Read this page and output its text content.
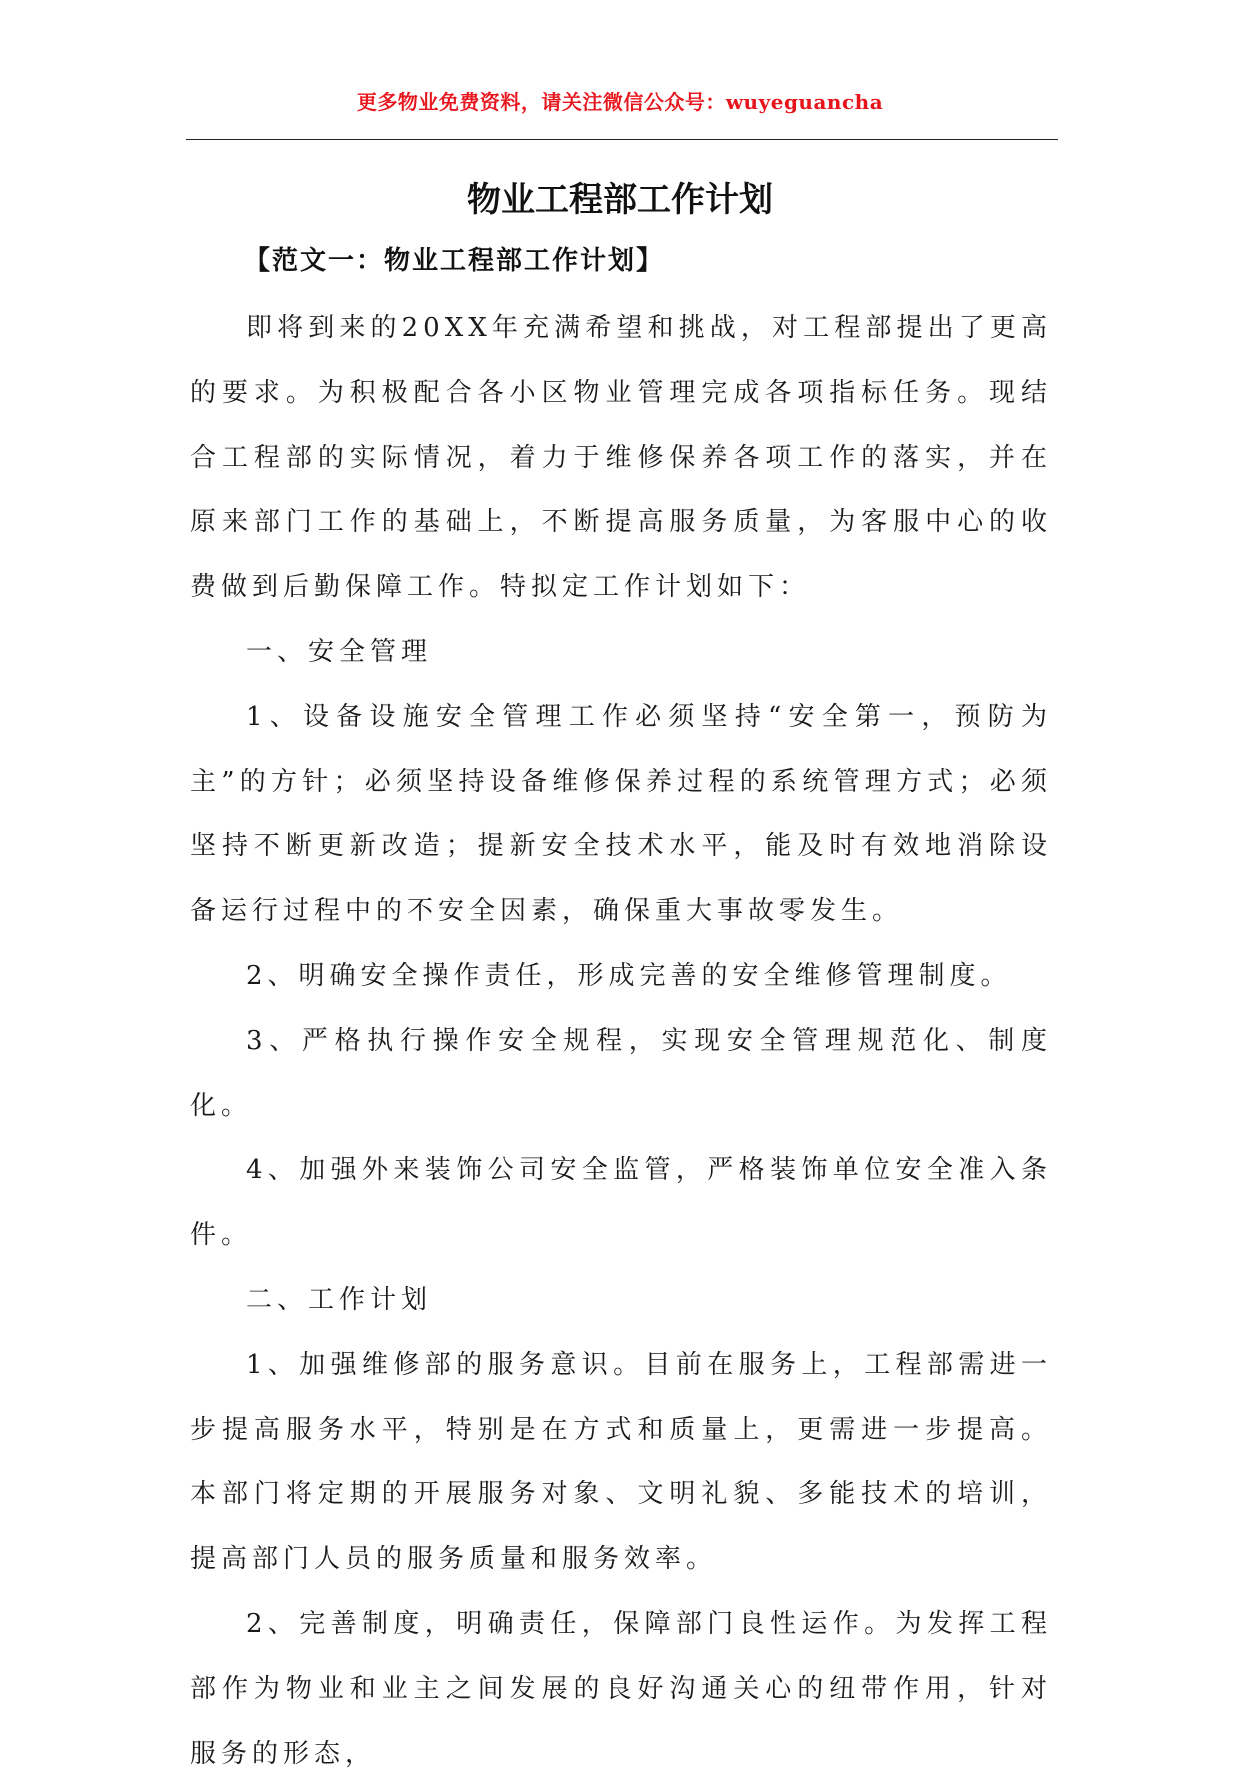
更多物业免费资料，请关注微信公众号：wuyeguancha
物业工程部工作计划
【范文一：物业工程部工作计划】

即将到来的20XX年充满希望和挑战，对工程部提出了更高的要求。为积极配合各小区物业管理完成各项指标任务。现结合工程部的实际情况，着力于维修保养各项工作的落实，并在原来部门工作的基础上，不断提高服务质量，为客服中心的收费做到后勤保障工作。特拟定工作计划如下：

一、安全管理

1、设备设施安全管理工作必须坚持“安全第一，预防为主”的方针；必须坚持设备维修保养过程的系统管理方式；必须坚持不断更新改造；提新安全技术水平，能及时有效地消除设备运行过程中的不安全因素，确保重大事故零发生。

2、明确安全操作责任，形成完善的安全维修管理制度。

3、严格执行操作安全规程，实现安全管理规范化、制度化。

4、加强外来装饰公司安全监管，严格装饰单位安全准入条件。

二、工作计划

1、加强维修部的服务意识。目前在服务上，工程部需进一步提高服务水平，特别是在方式和质量上，更需进一步提高。本部门将定期的开展服务对象、文明礼貌、多能技术的培训，提高部门人员的服务质量和服务效率。

2、完善制度，明确责任，保障部门良性运作。为发挥工程部作为物业和业主之间发展的良好沟通关心的纽带作用，针对服务的形态，
